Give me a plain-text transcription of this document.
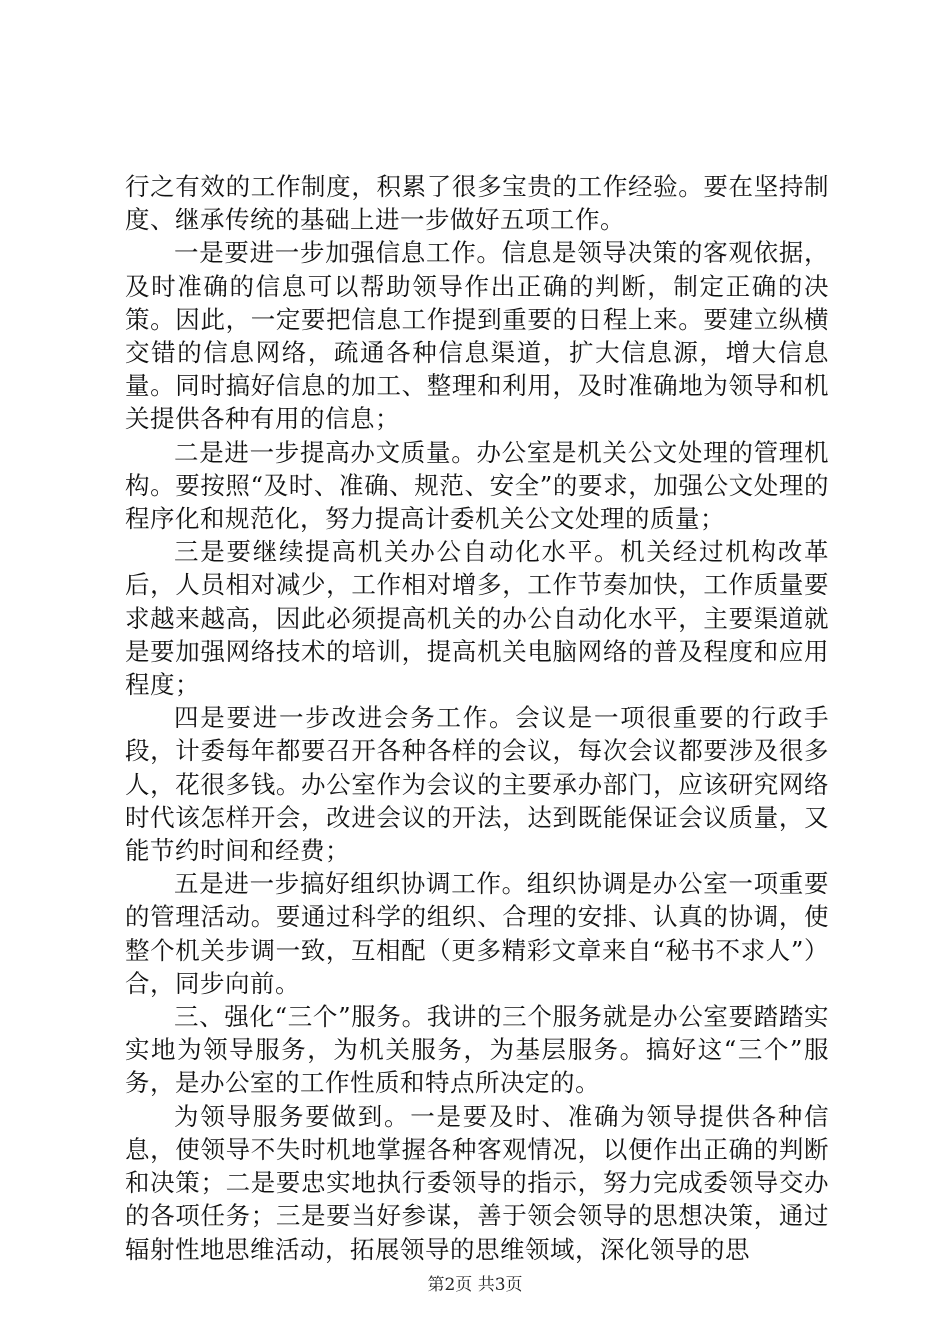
行之有效的工作制度，积累了很多宝贵的工作经验。要在坚持制度、继承传统的基础上进一步做好五项工作。

一是要进一步加强信息工作。信息是领导决策的客观依据，及时准确的信息可以帮助领导作出正确的判断，制定正确的决策。因此，一定要把信息工作提到重要的日程上来。要建立纵横交错的信息网络，疏通各种信息渠道，扩大信息源，增大信息量。同时搞好信息的加工、整理和利用，及时准确地为领导和机关提供各种有用的信息；

二是进一步提高办文质量。办公室是机关公文处理的管理机构。要按照“及时、准确、规范、安全”的要求，加强公文处理的程序化和规范化，努力提高计委机关公文处理的质量；

三是要继续提高机关办公自动化水平。机关经过机构改革后，人员相对减少，工作相对增多，工作节奏加快，工作质量要求越来越高，因此必须提高机关的办公自动化水平，主要渠道就是要加强网络技术的培训，提高机关电脑网络的普及程度和应用程度；

四是要进一步改进会务工作。会议是一项很重要的行政手段，计委每年都要召开各种各样的会议，每次会议都要涉及很多人，花很多钱。办公室作为会议的主要承办部门，应该研究网络时代该怎样开会，改进会议的开法，达到既能保证会议质量，又能节约时间和经费；

五是进一步搞好组织协调工作。组织协调是办公室一项重要的管理活动。要通过科学的组织、合理的安排、认真的协调，使整个机关步调一致，互相配（更多精彩文章来自“秘书不求人”）合，同步向前。

三、强化“三个”服务。我讲的三个服务就是办公室要踏踏实实地为领导服务，为机关服务，为基层服务。搞好这“三个”服务，是办公室的工作性质和特点所决定的。

为领导服务要做到。一是要及时、准确为领导提供各种信息，使领导不失时机地掌握各种客观情况，以便作出正确的判断和决策；二是要忠实地执行委领导的指示，努力完成委领导交办的各项任务；三是要当好参谋，善于领会领导的思想决策，通过辐射性地思维活动，拓展领导的思维领域，深化领导的思

第2页 共3页
